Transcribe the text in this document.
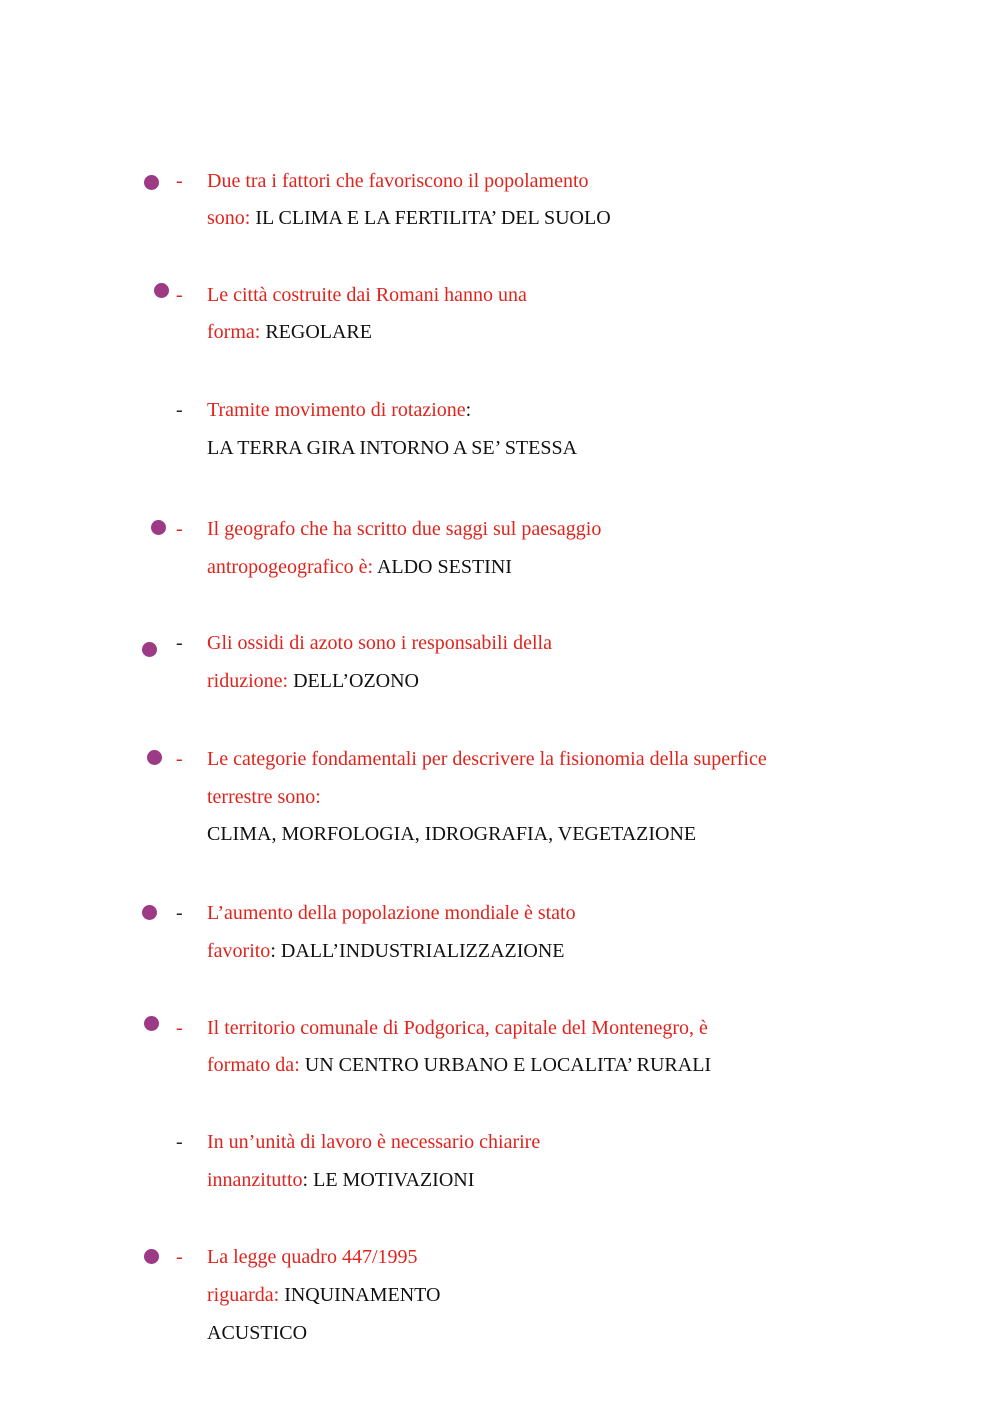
- Due tra i fattori che favoriscono il popolamento
sono: IL CLIMA E LA FERTILITA’ DEL SUOLO
- Le città costruite dai Romani hanno una
forma: REGOLARE
- Tramite movimento di rotazione:
LA TERRA GIRA INTORNO A SE’ STESSA
- Il geografo che ha scritto due saggi sul paesaggio
antropogeografico è: ALDO SESTINI
- Gli ossidi di azoto sono i responsabili della
riduzione: DELL’OZONO
- Le categorie fondamentali per descrivere la fisionomia della superfice
terrestre sono:
CLIMA, MORFOLOGIA, IDROGRAFIA, VEGETAZIONE
- L’aumento della popolazione mondiale è stato
favorito: DALL’INDUSTRIALIZZAZIONE
- Il territorio comunale di Podgorica, capitale del Montenegro, è
formato da: UN CENTRO URBANO E LOCALITA’ RURALI
- In un’unità di lavoro è necessario chiarire
innanzitutto: LE MOTIVAZIONI
- La legge quadro 447/1995
riguarda: INQUINAMENTO
ACUSTICO
